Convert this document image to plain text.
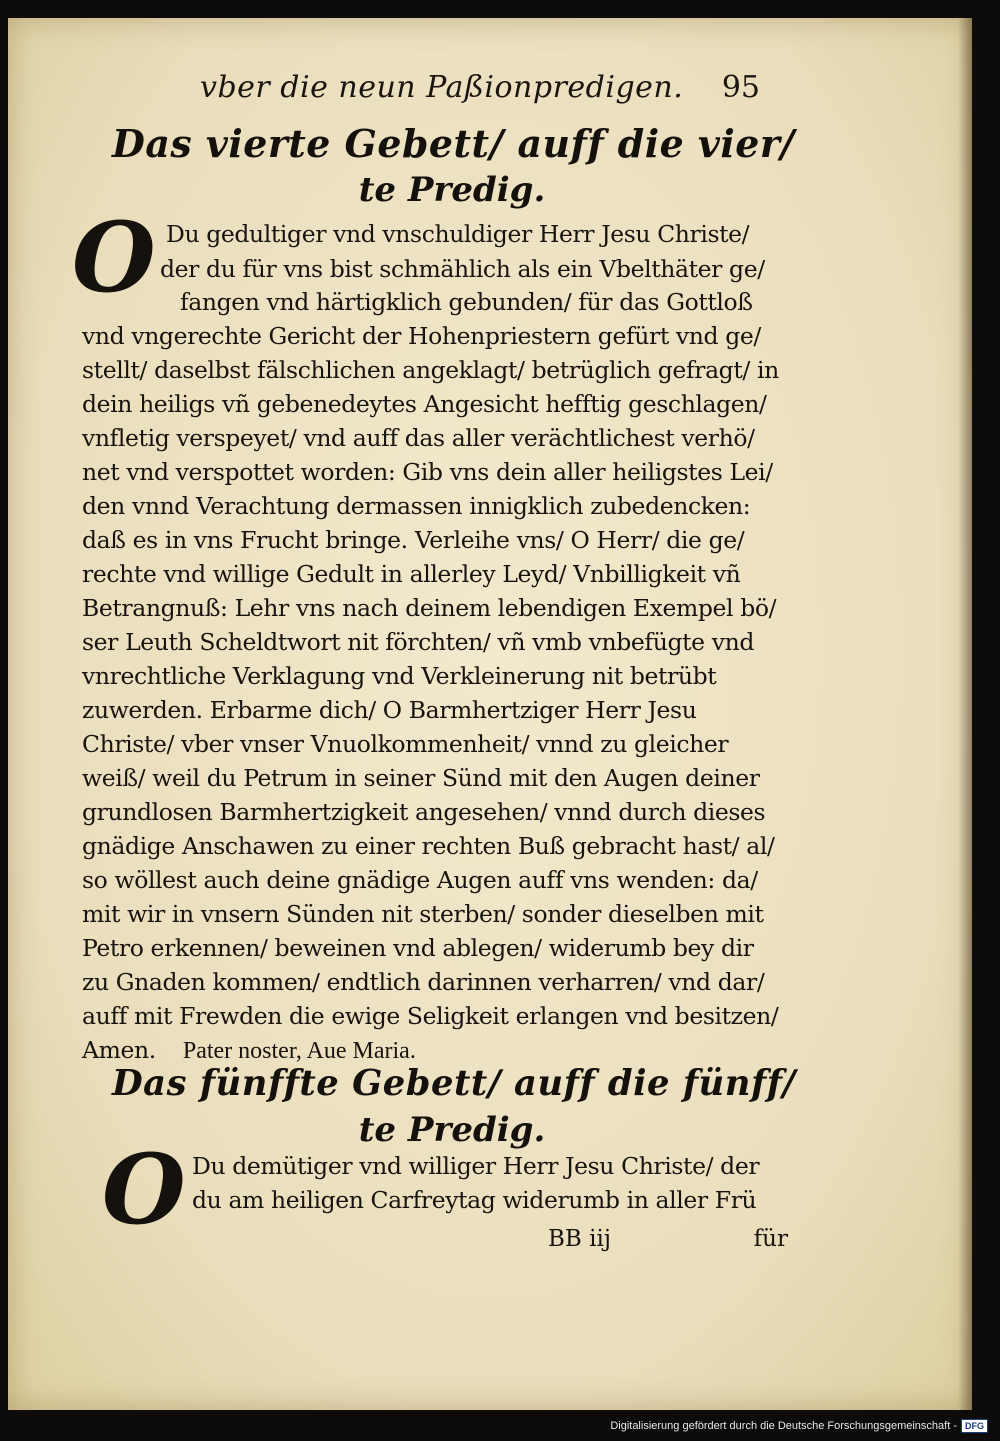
vber die neun Paßionpredigen. 95
Das vierte Gebett/ auff die vier/
te Predig.
O Du gedultiger vnd vnschuldiger Herr Jesu Christe/
der du für vns bist schmählich als ein Vbelthäter ge/
fangen vnd härtigklich gebunden/ für das Gottloß
vnd vngerechte Gericht der Hohenpriestern gefürt vnd ge/
stellt/ daselbst fälschlichen angeklagt/ betrüglich gefragt/ in
dein heiligs vñ gebenedeytes Angesicht hefftig geschlagen/
vnfletig verspeyet/ vnd auff das aller verächtlichest verhö/
net vnd verspottet worden: Gib vns dein aller heiligstes Lei/
den vnnd Verachtung dermassen innigklich zubedencken:
daß es in vns Frucht bringe. Verleihe vns/ O Herr/ die ge/
rechte vnd willige Gedult in allerley Leyd/ Vnbilligkeit vñ
Betrangnuß: Lehr vns nach deinem lebendigen Exempel bö/
ser Leuth Scheldtwort nit förchten/ vñ vmb vnbefügte vnd
vnrechtliche Verklagung vnd Verkleinerung nit betrübt
zuwerden. Erbarme dich/ O Barmhertziger Herr Jesu
Christe/ vber vnser Vnuolkommenheit/ vnnd zu gleicher
weiß/ weil du Petrum in seiner Sünd mit den Augen deiner
grundlosen Barmhertzigkeit angesehen/ vnnd durch dieses
gnädige Anschawen zu einer rechten Buß gebracht hast/ al/
so wöllest auch deine gnädige Augen auff vns wenden: da/
mit wir in vnsern Sünden nit sterben/ sonder dieselben mit
Petro erkennen/ beweinen vnd ablegen/ widerumb bey dir
zu Gnaden kommen/ endtlich darinnen verharren/ vnd dar/
auff mit Frewden die ewige Seligkeit erlangen vnd besitzen/
Amen. Pater noster, Aue Maria.
Das fünffte Gebett/ auff die fünff/
te Predig.
O Du demütiger vnd williger Herr Jesu Christe/ der
du am heiligen Carfreytag widerumb in aller Frü
BB iij	für
Digitalisierung gefördert durch die Deutsche Forschungsgemeinschaft - DFG
